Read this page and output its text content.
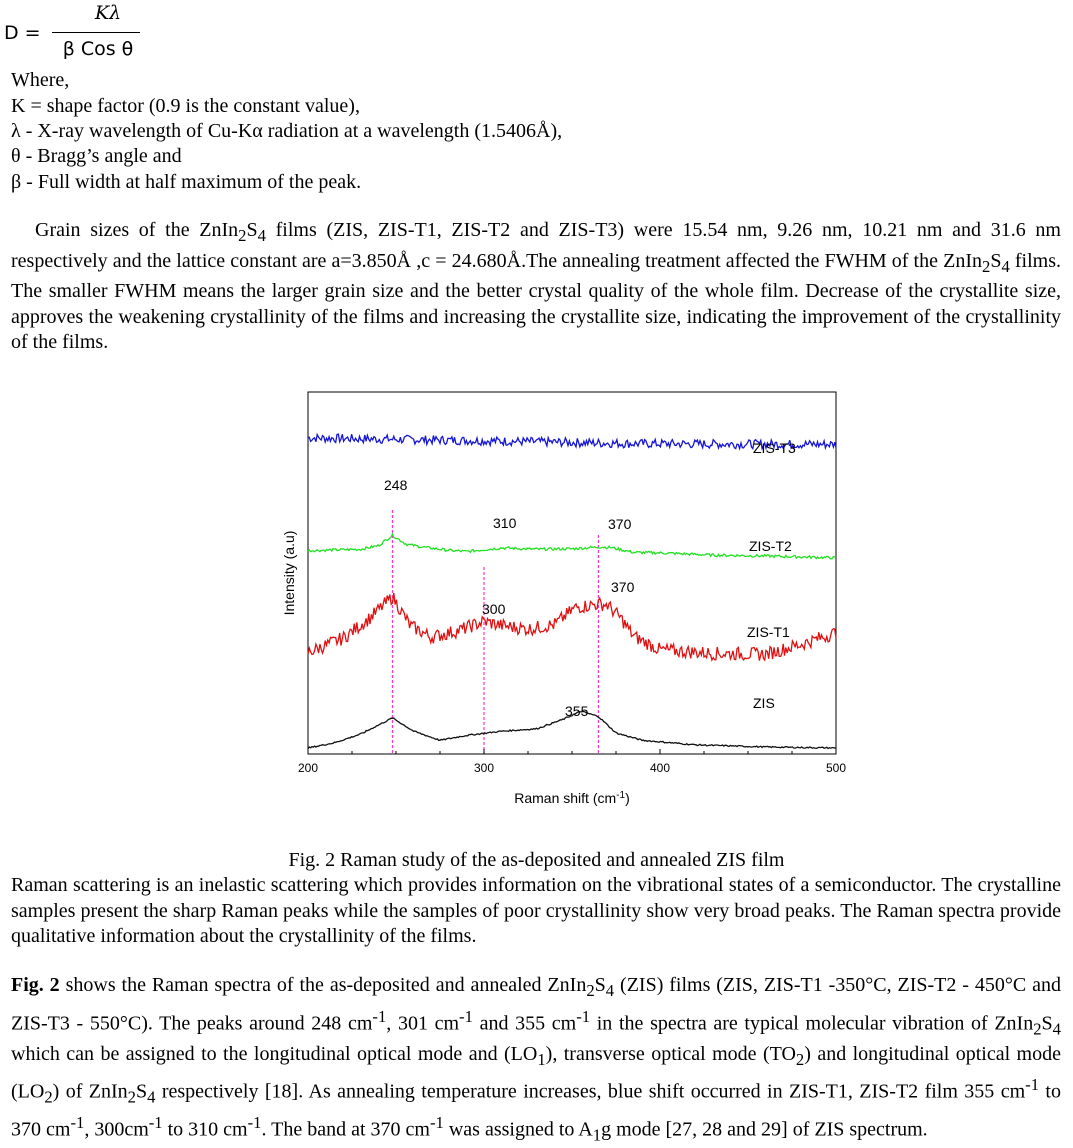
D =
Kλ
β Cos θ
Where,
K = shape factor (0.9 is the constant value),
λ - X-ray wavelength of Cu-Kα radiation at a wavelength (1.5406Å),
θ - Bragg’s angle and
β - Full width at half maximum of the peak.

Grain sizes of the $ZnIn_2S_4$ films (ZIS, ZIS-T1, ZIS-T2 and ZIS-T3) were 15.54 nm, 9.26 nm, 10.21 nm and 31.6 nm respectively and the lattice constant are a=3.850Å ,c = 24.680Å.The annealing treatment affected the FWHM of the $ZnIn_2S_4$ films. The smaller FWHM means the larger grain size and the better crystal quality of the whole film. Decrease of the crystallite size, approves the weakening crystallinity of the films and increasing the crystallite size, indicating the improvement of the crystallinity of the films.

200	300	400	500
ZIS-T3
ZIS-T2
ZIS-T1
ZIS
248
310	370
370
300
355
Intensity (a.u)
Raman shift $(cm^{-1})$
Fig. 2 Raman study of the as-deposited and annealed ZIS film

Raman scattering is an inelastic scattering which provides information on the vibrational states of a semiconductor. The crystalline samples present the sharp Raman peaks while the samples of poor crystallinity show very broad peaks. The Raman spectra provide qualitative information about the crystallinity of the films.

Fig. 2 shows the Raman spectra of the as-deposited and annealed $ZnIn_2S_4$ (ZIS) films (ZIS, ZIS-T1 -350°C, ZIS-T2 - 450°C and ZIS-T3 - 550°C). The peaks around 248 $cm^{-1}$, 301 $cm^{-1}$ and 355 $cm^{-1}$ in the spectra are typical molecular vibration of $ZnIn_2S_4$ which can be assigned to the longitudinal optical mode and $(LO_1)$, transverse optical mode $(TO_2)$ and longitudinal optical mode $(LO_2)$ of $ZnIn_2S_4$ respectively [18]. As annealing temperature increases, blue shift occurred in ZIS-T1, ZIS-T2 film 355 $cm^{-1}$ to 370 $cm^{-1}$, $300cm^{-1}$ to 310 $cm^{-1}$. The band at 370 $cm^{-1}$ was assigned to $A_1g$ mode [27, 28 and 29] of ZIS spectrum.
